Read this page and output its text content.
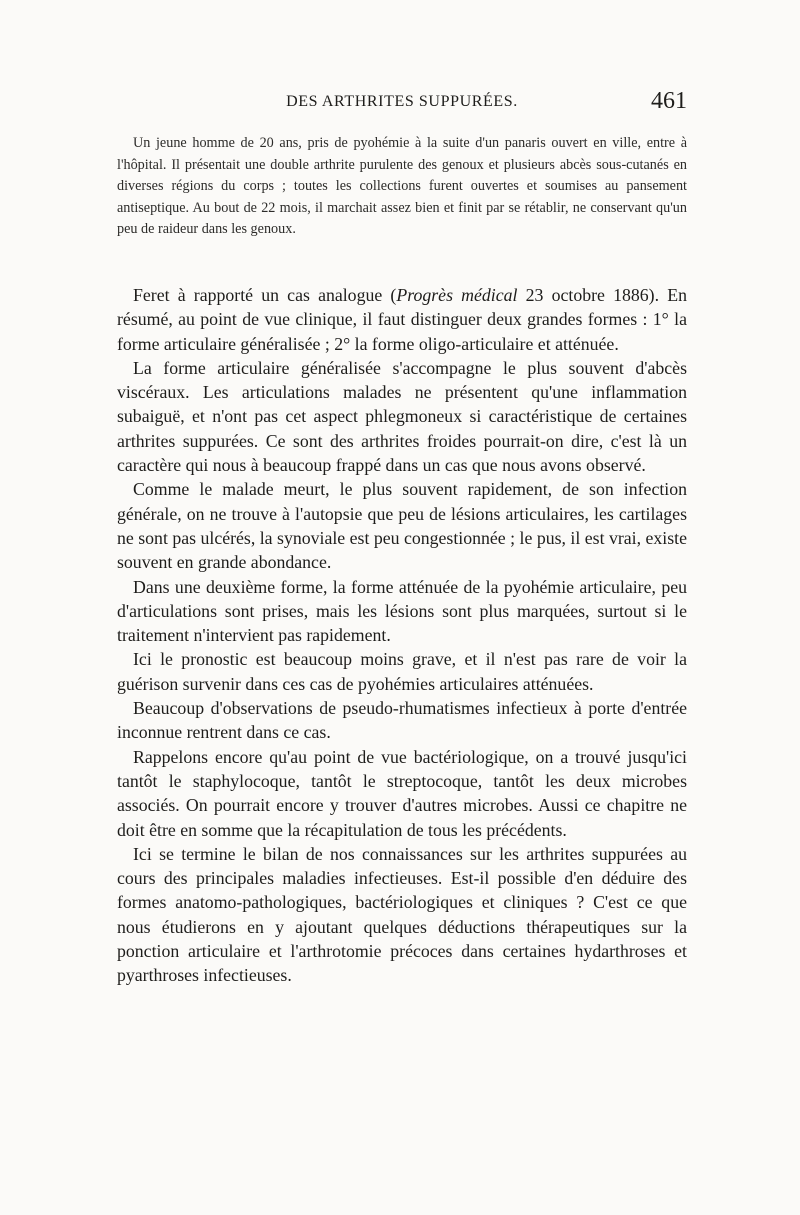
DES ARTHRITES SUPPURÉES.	461

Un jeune homme de 20 ans, pris de pyohémie à la suite d'un panaris ouvert en ville, entre à l'hôpital. Il présentait une double arthrite purulente des genoux et plusieurs abcès sous-cutanés en diverses régions du corps ; toutes les collections furent ouvertes et soumises au pansement antiseptique. Au bout de 22 mois, il marchait assez bien et finit par se rétablir, ne conservant qu'un peu de raideur dans les genoux.

Feret à rapporté un cas analogue (Progrès médical 23 octobre 1886). En résumé, au point de vue clinique, il faut distinguer deux grandes formes : 1° la forme articulaire généralisée ; 2° la forme oligo-articulaire et atténuée.

La forme articulaire généralisée s'accompagne le plus souvent d'abcès viscéraux. Les articulations malades ne présentent qu'une inflammation subaiguë, et n'ont pas cet aspect phlegmoneux si caractéristique de certaines arthrites suppurées. Ce sont des arthrites froides pourrait-on dire, c'est là un caractère qui nous à beaucoup frappé dans un cas que nous avons observé.

Comme le malade meurt, le plus souvent rapidement, de son infection générale, on ne trouve à l'autopsie que peu de lésions articulaires, les cartilages ne sont pas ulcérés, la synoviale est peu congestionnée ; le pus, il est vrai, existe souvent en grande abondance.

Dans une deuxième forme, la forme atténuée de la pyohémie articulaire, peu d'articulations sont prises, mais les lésions sont plus marquées, surtout si le traitement n'intervient pas rapidement.

Ici le pronostic est beaucoup moins grave, et il n'est pas rare de voir la guérison survenir dans ces cas de pyohémies articulaires atténuées.

Beaucoup d'observations de pseudo-rhumatismes infectieux à porte d'entrée inconnue rentrent dans ce cas.

Rappelons encore qu'au point de vue bactériologique, on a trouvé jusqu'ici tantôt le staphylocoque, tantôt le streptocoque, tantôt les deux microbes associés. On pourrait encore y trouver d'autres microbes. Aussi ce chapitre ne doit être en somme que la récapitulation de tous les précédents.

Ici se termine le bilan de nos connaissances sur les arthrites suppurées au cours des principales maladies infectieuses. Est-il possible d'en déduire des formes anatomo-pathologiques, bactériologiques et cliniques ? C'est ce que nous étudierons en y ajoutant quelques déductions thérapeutiques sur la ponction articulaire et l'arthrotomie précoces dans certaines hydarthroses et pyarthroses infectieuses.
